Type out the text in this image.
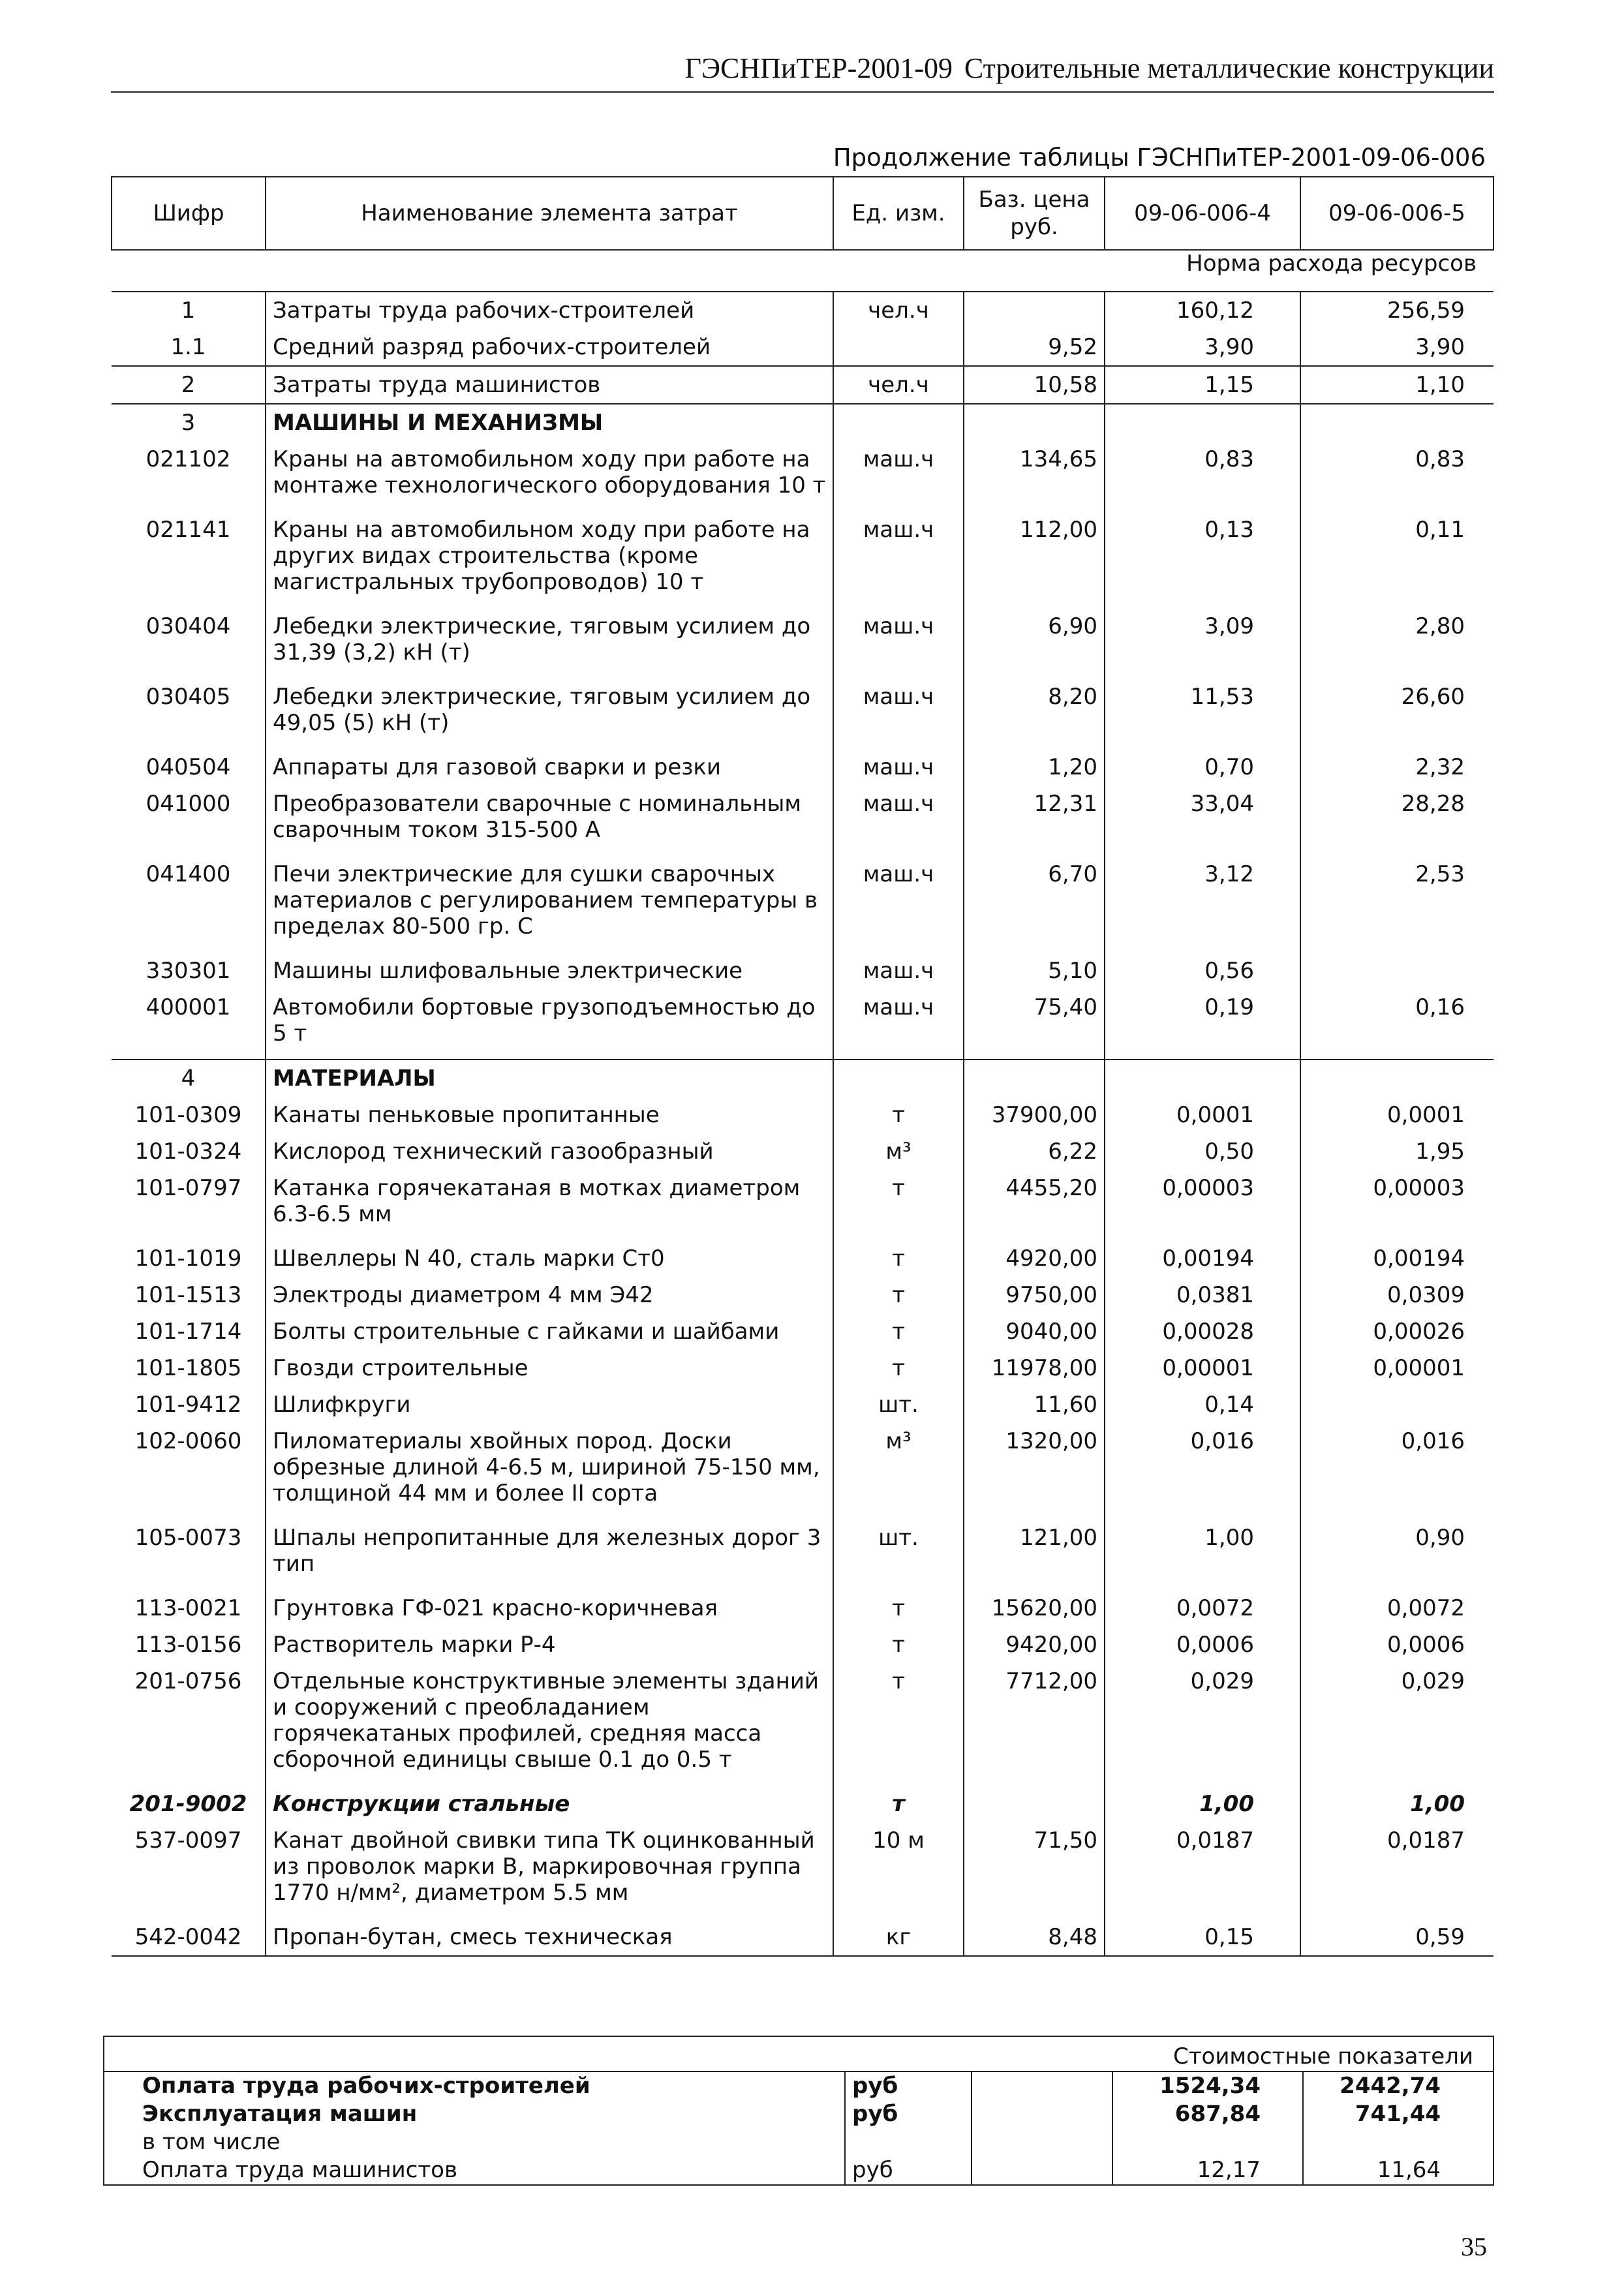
ГЭСНПиТЕР-2001-09 Строительные металлические конструкции
Продолжение таблицы ГЭСНПиТЕР-2001-09-06-006
Шифр	Наименование элемента затрат	Ед. изм.	Баз. цена руб.	09-06-006-4	09-06-006-5
Норма расхода ресурсов					
1	Затраты труда рабочих-строителей	чел.ч		160,12	256,59
1.1	Средний разряд рабочих-строителей		9,52	3,90	3,90
2	Затраты труда машинистов	чел.ч	10,58	1,15	1,10
3	МАШИНЫ И МЕХАНИЗМЫ				
021102	Краны на автомобильном ходу при работе на монтаже технологического оборудования 10 т	маш.ч	134,65	0,83	0,83
021141	Краны на автомобильном ходу при работе на других видах строительства (кроме магистральных трубопроводов) 10 т	маш.ч	112,00	0,13	0,11
030404	Лебедки электрические, тяговым усилием до 31,39 (3,2) кН (т)	маш.ч	6,90	3,09	2,80
030405	Лебедки электрические, тяговым усилием до 49,05 (5) кН (т)	маш.ч	8,20	11,53	26,60
040504	Аппараты для газовой сварки и резки	маш.ч	1,20	0,70	2,32
041000	Преобразователи сварочные с номинальным сварочным током 315-500 А	маш.ч	12,31	33,04	28,28
041400	Печи электрические для сушки сварочных материалов с регулированием температуры в пределах 80-500 гр. С	маш.ч	6,70	3,12	2,53
330301	Машины шлифовальные электрические	маш.ч	5,10	0,56	
400001	Автомобили бортовые грузоподъемностью до 5 т	маш.ч	75,40	0,19	0,16
4	МАТЕРИАЛЫ				
101-0309	Канаты пеньковые пропитанные	т	37900,00	0,0001	0,0001
101-0324	Кислород технический газообразный	м³	6,22	0,50	1,95
101-0797	Катанка горячекатаная в мотках диаметром 6.3-6.5 мм	т	4455,20	0,00003	0,00003
101-1019	Швеллеры N 40, сталь марки Ст0	т	4920,00	0,00194	0,00194
101-1513	Электроды диаметром 4 мм Э42	т	9750,00	0,0381	0,0309
101-1714	Болты строительные с гайками и шайбами	т	9040,00	0,00028	0,00026
101-1805	Гвозди строительные	т	11978,00	0,00001	0,00001
101-9412	Шлифкруги	шт.	11,60	0,14	
102-0060	Пиломатериалы хвойных пород. Доски обрезные длиной 4-6.5 м, шириной 75-150 мм, толщиной 44 мм и более II сорта	м³	1320,00	0,016	0,016
105-0073	Шпалы непропитанные для железных дорог 3 тип	шт.	121,00	1,00	0,90
113-0021	Грунтовка ГФ-021 красно-коричневая	т	15620,00	0,0072	0,0072
113-0156	Растворитель марки Р-4	т	9420,00	0,0006	0,0006
201-0756	Отдельные конструктивные элементы зданий и сооружений с преобладанием горячекатаных профилей, средняя масса сборочной единицы свыше 0.1 до 0.5 т	т	7712,00	0,029	0,029
201-9002	Конструкции стальные	т		1,00	1,00
537-0097	Канат двойной свивки типа ТК оцинкованный из проволок марки В, маркировочная группа 1770 н/мм², диаметром 5.5 мм	10 м	71,50	0,0187	0,0187
542-0042	Пропан-бутан, смесь техническая	кг	8,48	0,15	0,59
Стоимостные показатели				
Оплата труда рабочих-строителей	руб		1524,34	2442,74
Эксплуатация машин	руб		687,84	741,44
в том числе				
Оплата труда машинистов	руб		12,17	11,64
35
